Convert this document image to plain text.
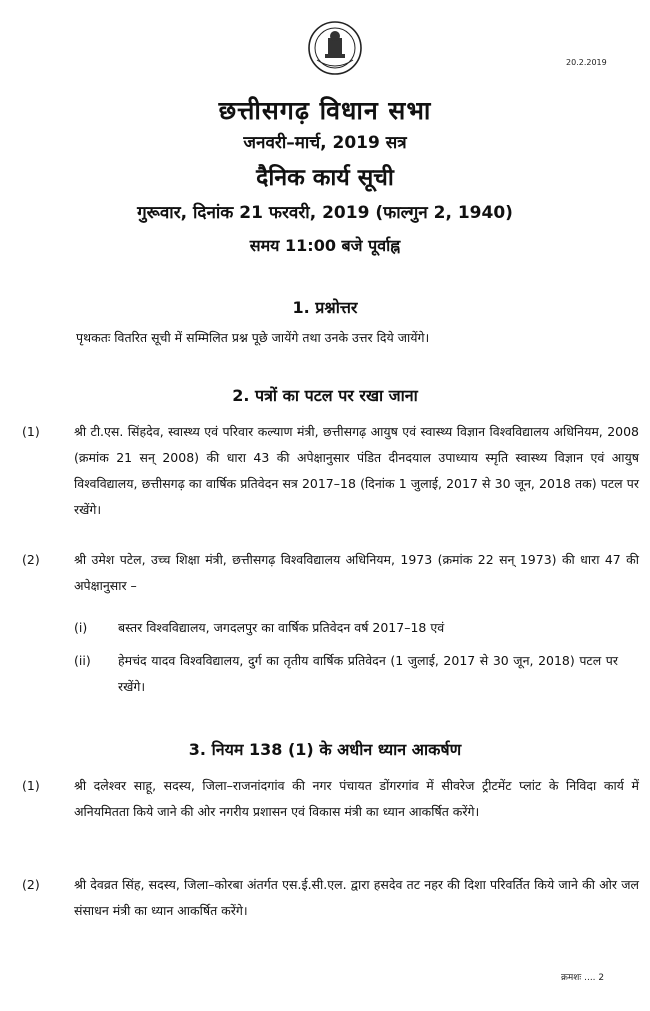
20.2.2019
छत्तीसगढ़ विधान सभा
जनवरी–मार्च, 2019 सत्र
दैनिक कार्य सूची
गुरूवार, दिनांक 21 फरवरी, 2019 (फाल्गुन 2, 1940)
समय 11:00 बजे पूर्वाह्न
1. प्रश्नोत्तर
पृथकतः वितरित सूची में सम्मिलित प्रश्न पूछे जायेंगे तथा उनके उत्तर दिये जायेंगे।
2. पत्रों का पटल पर रखा जाना
(1)	श्री टी.एस. सिंहदेव, स्वास्थ्य एवं परिवार कल्याण मंत्री, छत्तीसगढ़ आयुष एवं स्वास्थ्य विज्ञान विश्वविद्यालय अधिनियम, 2008 (क्रमांक 21 सन् 2008) की धारा 43 की अपेक्षानुसार पंडित दीनदयाल उपाध्याय स्मृति स्वास्थ्य विज्ञान एवं आयुष विश्वविद्यालय, छत्तीसगढ़ का वार्षिक प्रतिवेदन सत्र 2017–18 (दिनांक 1 जुलाई, 2017 से 30 जून, 2018 तक) पटल पर रखेंगे।
(2)	श्री उमेश पटेल, उच्च शिक्षा मंत्री, छत्तीसगढ़ विश्वविद्यालय अधिनियम, 1973 (क्रमांक 22 सन् 1973) की धारा 47 की अपेक्षानुसार –
(i) बस्तर विश्वविद्यालय, जगदलपुर का वार्षिक प्रतिवेदन वर्ष 2017–18 एवं
(ii) हेमचंद यादव विश्वविद्यालय, दुर्ग का तृतीय वार्षिक प्रतिवेदन (1 जुलाई, 2017 से 30 जून, 2018) पटल पर रखेंगे।
3. नियम 138 (1) के अधीन ध्यान आकर्षण
(1)	श्री दलेश्वर साहू, सदस्य, जिला–राजनांदगांव की नगर पंचायत डोंगरगांव में सीवरेज ट्रीटमेंट प्लांट के निविदा कार्य में अनियमितता किये जाने की ओर नगरीय प्रशासन एवं विकास मंत्री का ध्यान आकर्षित करेंगे।
(2)	श्री देवव्रत सिंह, सदस्य, जिला–कोरबा अंतर्गत एस.ई.सी.एल. द्वारा हसदेव तट नहर की दिशा परिवर्तित किये जाने की ओर जल संसाधन मंत्री का ध्यान आकर्षित करेंगे।
क्रमशः .... 2
